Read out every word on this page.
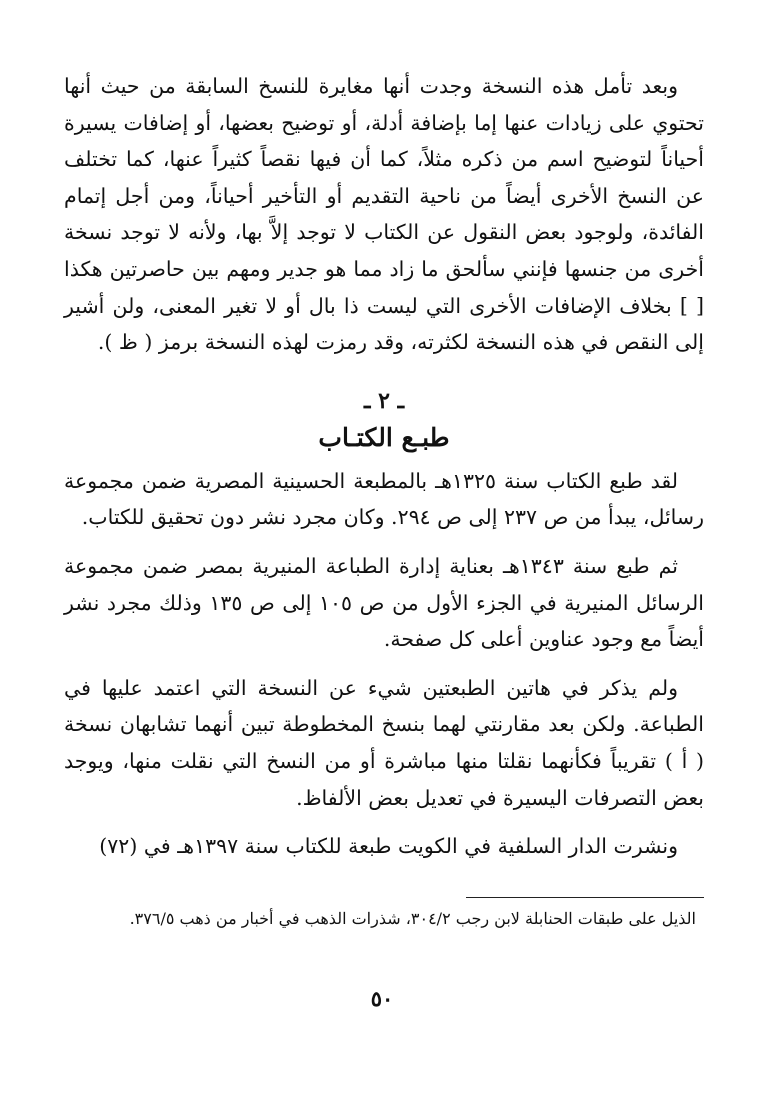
وبعد تأمل هذه النسخة وجدت أنها مغايرة للنسخ السابقة من حيث أنها تحتوي على زيادات عنها إما بإضافة أدلة، أو توضيح بعضها، أو إضافات يسيرة أحياناً لتوضيح اسم من ذكره مثلاً، كما أن فيها نقصاً كثيراً عنها، كما تختلف عن النسخ الأخرى أيضاً من ناحية التقديم أو التأخير أحياناً، ومن أجل إتمام الفائدة، ولوجود بعض النقول عن الكتاب لا توجد إلاَّ بها، ولأنه لا توجد نسخة أخرى من جنسها فإنني سألحق ما زاد مما هو جدير ومهم بين حاصرتين هكذا [ ] بخلاف الإضافات الأخرى التي ليست ذا بال أو لا تغير المعنى، ولن أشير إلى النقص في هذه النسخة لكثرته، وقد رمزت لهذه النسخة برمز ( ظ ).

ـ ٢ ـ
طبـع الكتـاب

لقد طبع الكتاب سنة ١٣٢٥هـ بالمطبعة الحسينية المصرية ضمن مجموعة رسائل، يبدأ من ص ٢٣٧ إلى ص ٢٩٤. وكان مجرد نشر دون تحقيق للكتاب.

ثم طبع سنة ١٣٤٣هـ بعناية إدارة الطباعة المنيرية بمصر ضمن مجموعة الرسائل المنيرية في الجزء الأول من ص ١٠٥ إلى ص ١٣٥ وذلك مجرد نشر أيضاً مع وجود عناوين أعلى كل صفحة.

ولم يذكر في هاتين الطبعتين شيء عن النسخة التي اعتمد عليها في الطباعة. ولكن بعد مقارنتي لهما بنسخ المخطوطة تبين أنهما تشابهان نسخة ( أ ) تقريباً فكأنهما نقلتا منها مباشرة أو من النسخ التي نقلت منها، ويوجد بعض التصرفات اليسيرة في تعديل بعض الألفاظ.

ونشرت الدار السلفية في الكويت طبعة للكتاب سنة ١٣٩٧هـ في (٧٢)

الذيل على طبقات الحنابلة لابن رجب ٣٠٤/٢، شذرات الذهب في أخبار من ذهب ٣٧٦/٥.
٥٠
